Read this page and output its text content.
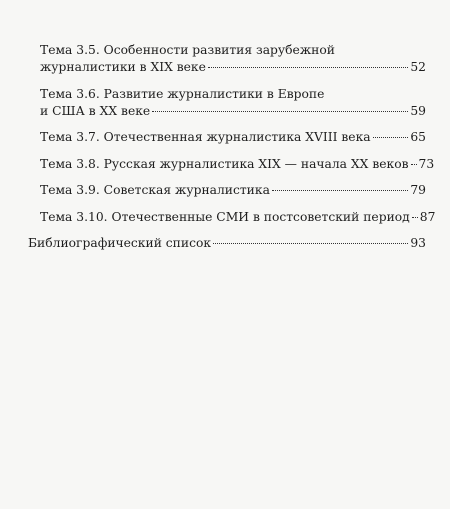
Тема 3.5. Особенности развития зарубежной
журналистики в XIX веке	52
Тема 3.6. Развитие журналистики в Европе
и США в XX веке	59
Тема 3.7. Отечественная журналистика XVIII века	65
Тема 3.8. Русская журналистика XIX — начала XX веков 73
Тема 3.9. Советская журналистика	79
Тема 3.10. Отечественные СМИ в постсоветский период 87
Библиографический список	93
